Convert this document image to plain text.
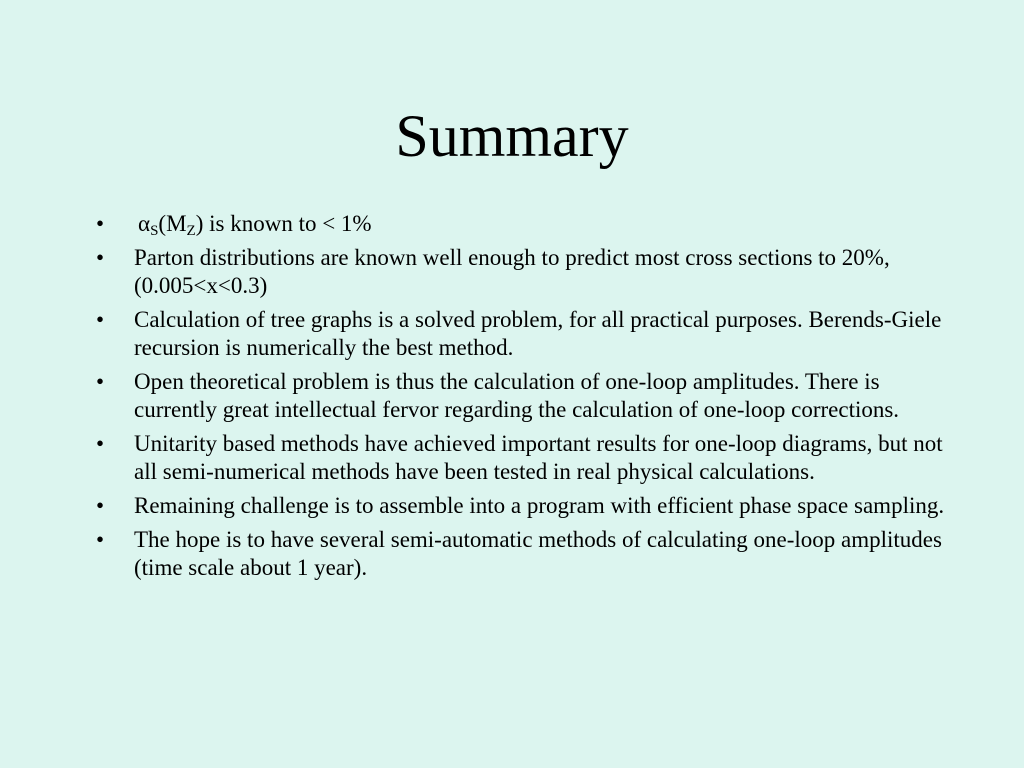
Summary
•	$\alpha_S(M_Z)$ is known to < 1%
•	Parton distributions are known well enough to predict most cross sections to 20%, (0.005<x<0.3)
•	Calculation of tree graphs is a solved problem, for all practical purposes. Berends-Giele recursion is numerically the best method.
•	Open theoretical problem is thus the calculation of one-loop amplitudes. There is currently great intellectual fervor regarding the calculation of one-loop corrections.
•	Unitarity based methods have achieved important results for one-loop diagrams, but not all semi-numerical methods have been tested in real physical calculations.
•	Remaining challenge is to assemble into a program with efficient phase space sampling.
•	The hope is to have several semi-automatic methods of calculating one-loop amplitudes (time scale about 1 year).
